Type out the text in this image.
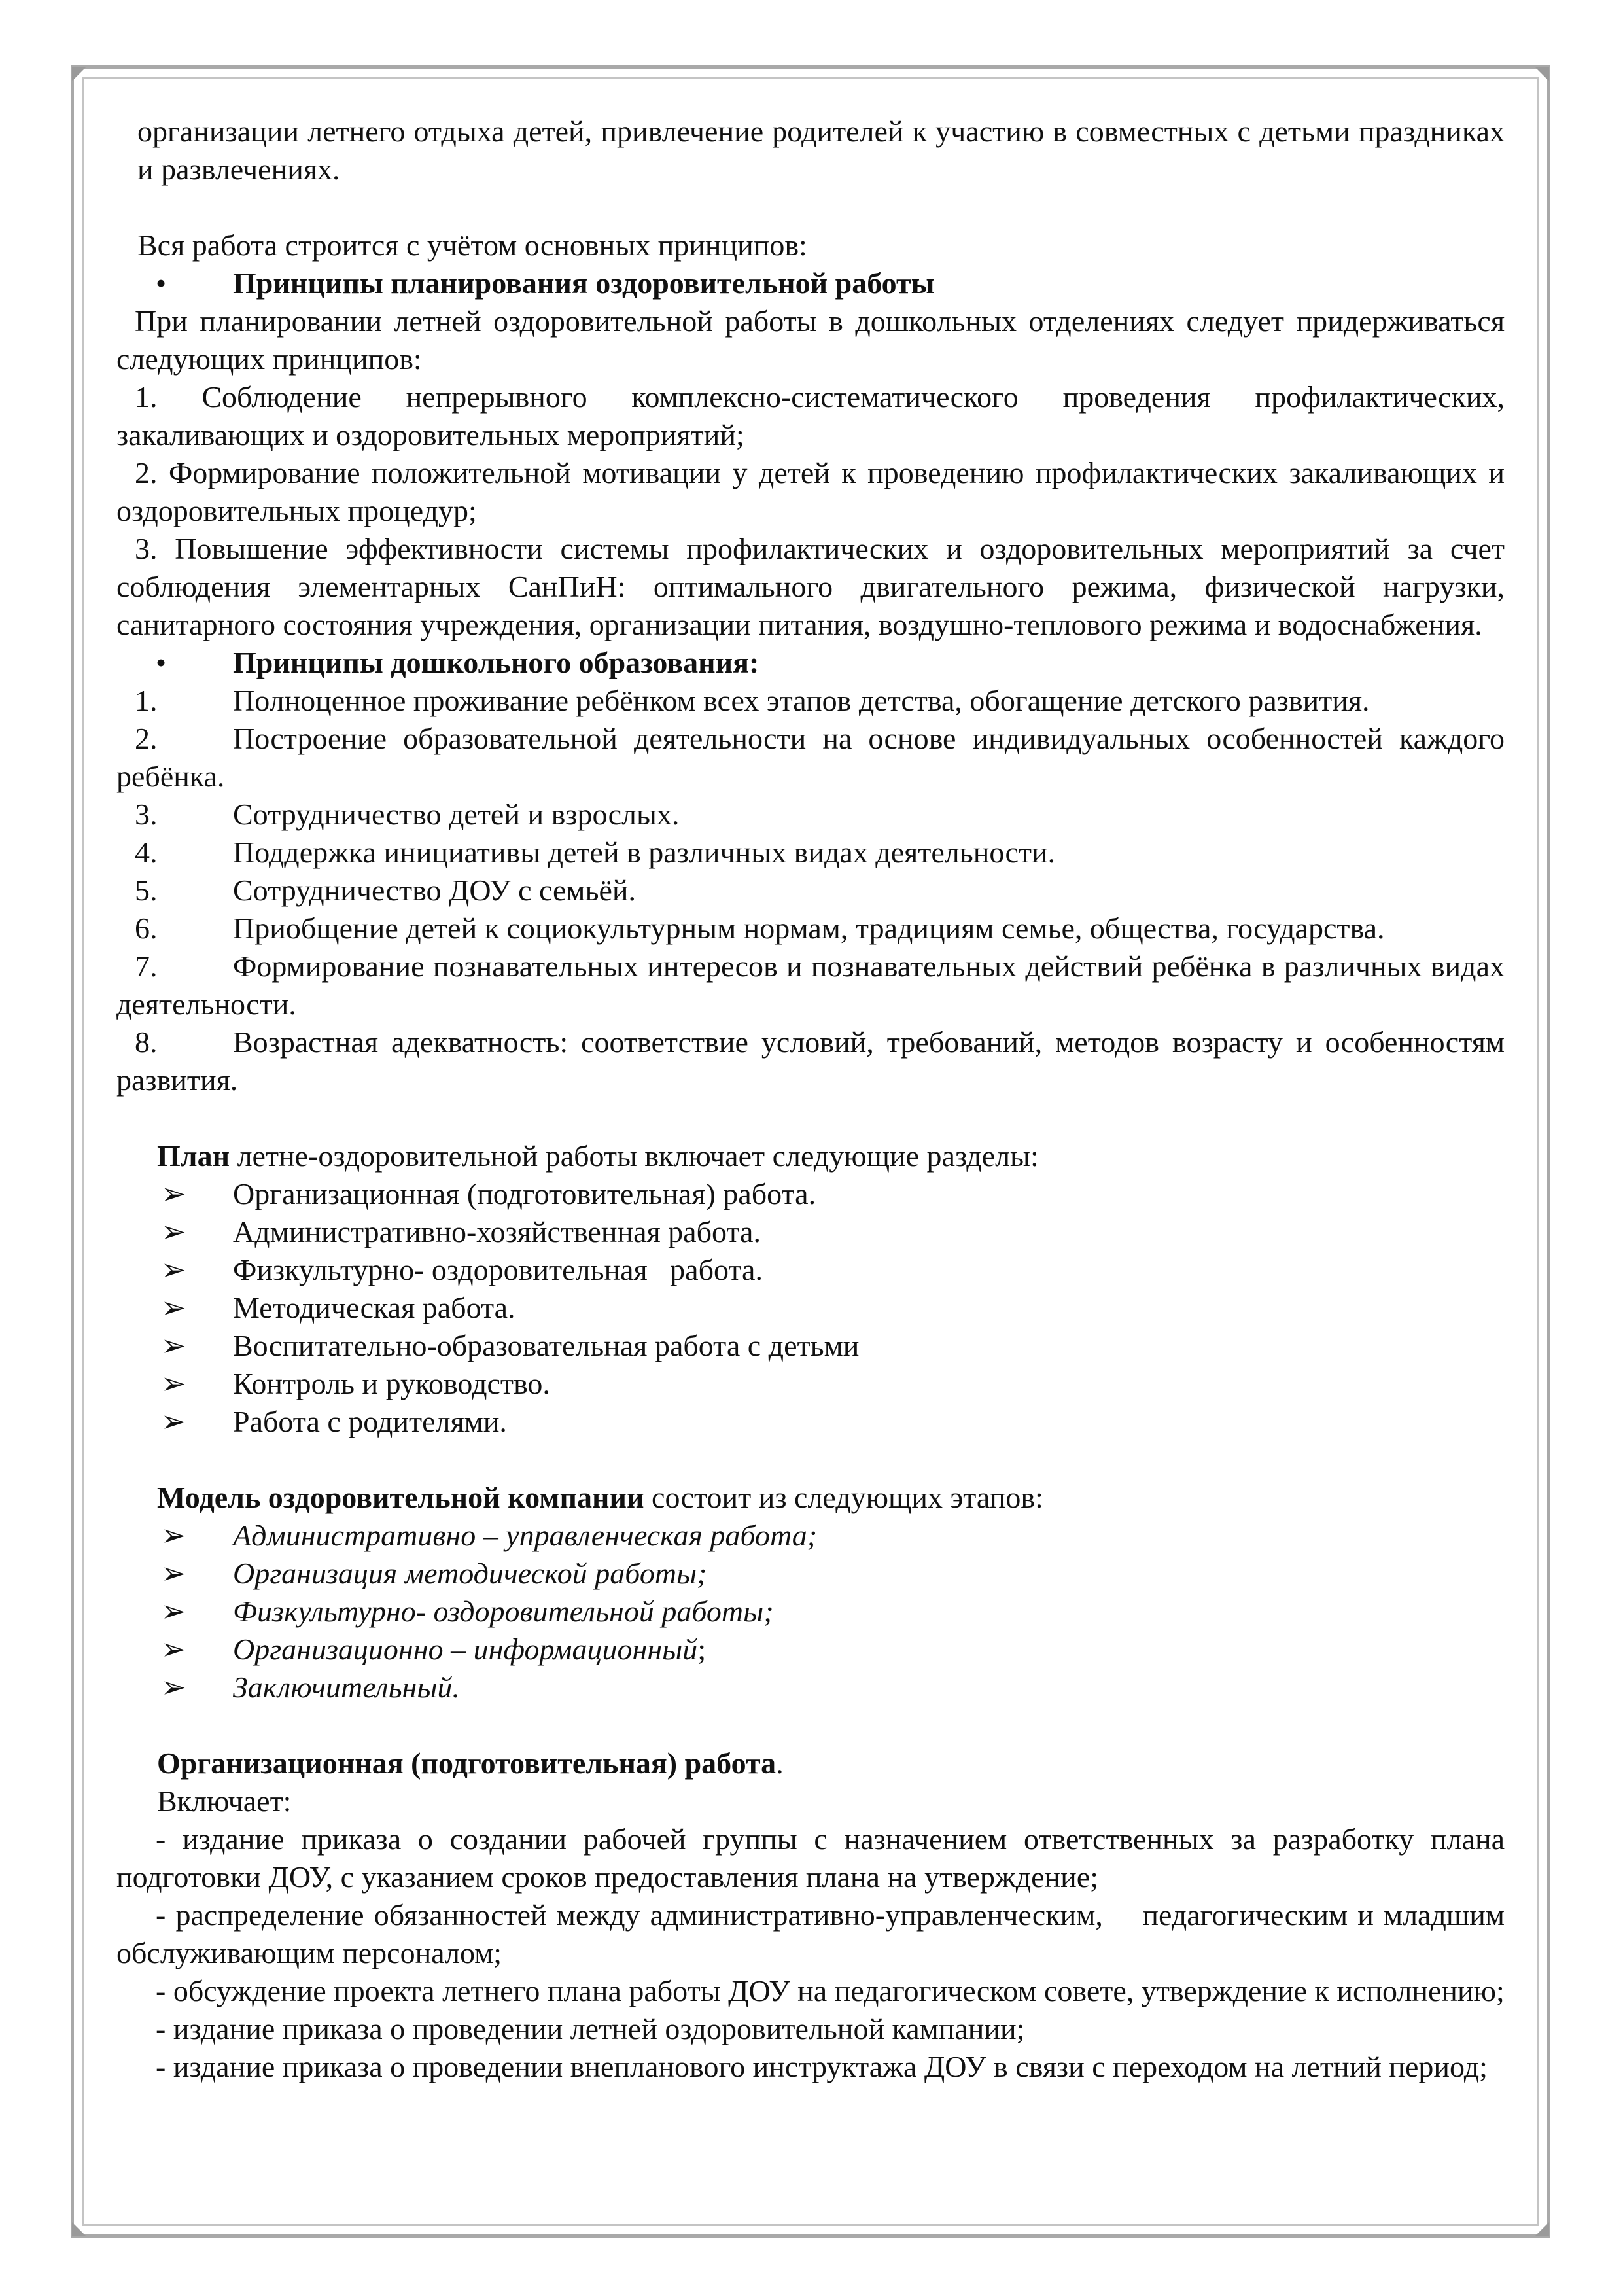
организации летнего отдыха детей, привлечение родителей к участию в совместных с детьми праздниках и развлечениях.

Вся работа строится с учётом основных принципов:

•	Принципы планирования оздоровительной работы

При планировании летней оздоровительной работы в дошкольных отделениях следует придерживаться следующих принципов:

1. Соблюдение непрерывного комплексно-систематического проведения профилактических, закаливающих и оздоровительных мероприятий;

2. Формирование положительной мотивации у детей к проведению профилактических закаливающих и оздоровительных процедур;

3. Повышение эффективности системы профилактических и оздоровительных мероприятий за счет соблюдения элементарных СанПиН: оптимального двигательного режима, физической нагрузки, санитарного состояния учреждения, организации питания, воздушно-теплового режима и водоснабжения.

•	Принципы дошкольного образования:

1.	Полноценное проживание ребёнком всех этапов детства, обогащение детского развития.

2.	Построение образовательной деятельности на основе индивидуальных особенностей каждого ребёнка.

3.	Сотрудничество детей и взрослых.

4.	Поддержка инициативы детей в различных видах деятельности.

5.	Сотрудничество ДОУ с семьёй.

6.	Приобщение детей к социокультурным нормам, традициям семье, общества, государства.

7.	Формирование познавательных интересов и познавательных действий ребёнка в различных видах деятельности.

8.	Возрастная адекватность: соответствие условий, требований, методов возрасту и особенностям развития.

План летне-оздоровительной работы включает следующие разделы:

➢	Организационная (подготовительная) работа.
➢	Административно-хозяйственная работа.
➢	Физкультурно- оздоровительная   работа.
➢	Методическая работа.
➢	Воспитательно-образовательная работа с детьми
➢	Контроль и руководство.
➢	Работа с родителями.

Модель оздоровительной компании состоит из следующих этапов:

➢	Административно – управленческая работа;
➢	Организация методической работы;
➢	Физкультурно- оздоровительной работы;
➢	Организационно – информационный;
➢	Заключительный.

Организационная (подготовительная) работа.

Включает:

- издание приказа о создании рабочей группы с назначением ответственных за разработку плана подготовки ДОУ, с указанием сроков предоставления плана на утверждение;

- распределение обязанностей между административно-управленческим,    педагогическим и младшим обслуживающим персоналом;

- обсуждение проекта летнего плана работы ДОУ на педагогическом совете, утверждение к исполнению;

- издание приказа о проведении летней оздоровительной кампании;

- издание приказа о проведении внепланового инструктажа ДОУ в связи с переходом на летний период;
